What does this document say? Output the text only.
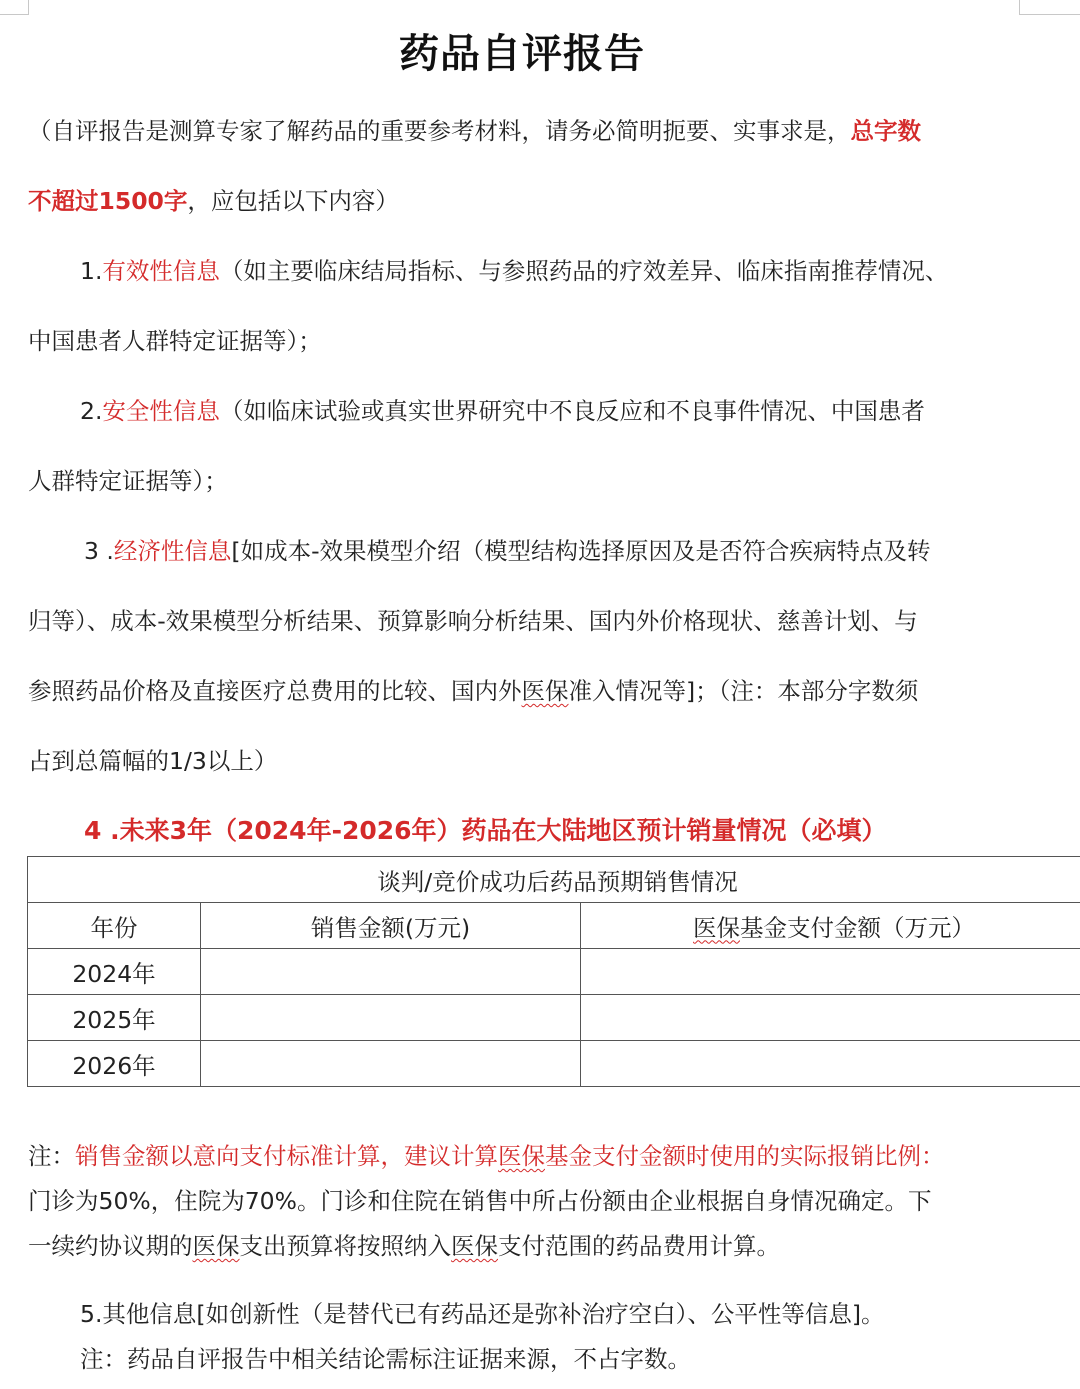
药品自评报告
（自评报告是测算专家了解药品的重要参考材料，请务必简明扼要、实事求是，总字数
不超过1500字，应包括以下内容）
1.有效性信息（如主要临床结局指标、与参照药品的疗效差异、临床指南推荐情况、
中国患者人群特定证据等）；
2.安全性信息（如临床试验或真实世界研究中不良反应和不良事件情况、中国患者
人群特定证据等）；
3 .经济性信息[如成本-效果模型介绍（模型结构选择原因及是否符合疾病特点及转
归等）、成本-效果模型分析结果、预算影响分析结果、国内外价格现状、慈善计划、与
参照药品价格及直接医疗总费用的比较、国内外医保准入情况等]；（注：本部分字数须
占到总篇幅的1/3以上）
4 .未来3年（2024年-2026年）药品在大陆地区预计销量情况（必填）
谈判/竞价成功后药品预期销售情况		
年份	销售金额(万元)	医保基金支付金额（万元）
2024年		
2025年		
2026年		
注：销售金额以意向支付标准计算，建议计算医保基金支付金额时使用的实际报销比例：
门诊为50%，住院为70%。门诊和住院在销售中所占份额由企业根据自身情况确定。下
一续约协议期的医保支出预算将按照纳入医保支付范围的药品费用计算。
5.其他信息[如创新性（是替代已有药品还是弥补治疗空白）、公平性等信息]。
注：药品自评报告中相关结论需标注证据来源，不占字数。
